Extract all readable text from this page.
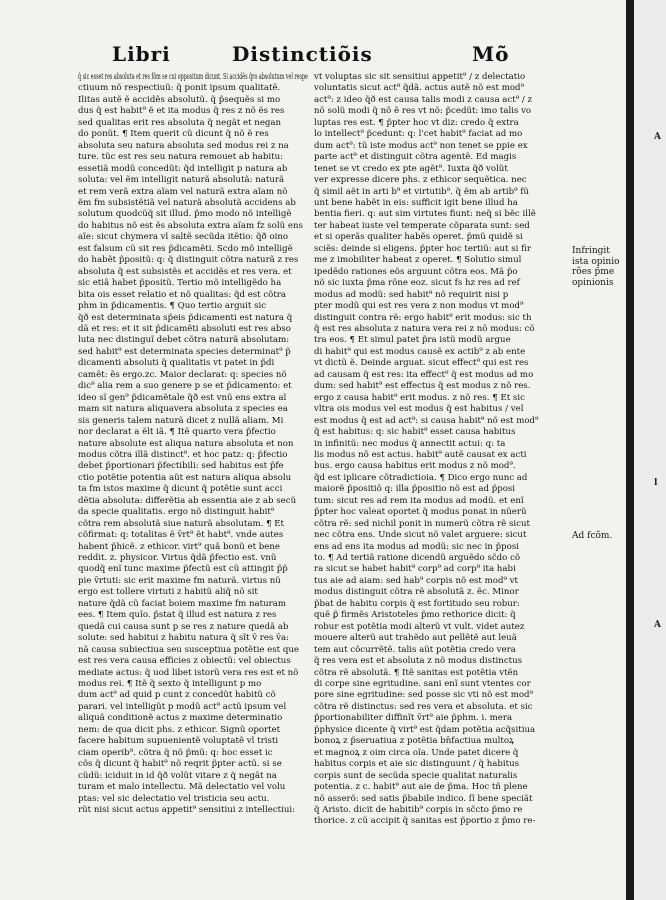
A
l
A
Libri	Distinctiõis	Mõ
q̃ sic esset res absoluta et res fõm se cui oppositum dicunt. Si accidẽs q̃ro absolutum vel respe
ctiuum nõ respectiuũ: q̃ ponit ipsum qualitatẽ.
Ilitas autẽ ẽ accidẽs absolutũ. q̃ p̃sequẽs si mo
dus q̃ est habit⁹ ẽ et ita modus q̃ res z nõ ẽs res
sed qualitas erit res absoluta q̃ negãt et negan
do ponũt. ¶ Item querit cũ dicunt q̃ nõ ẽ res
absoluta seu natura absoluta sed modus rei z na
ture. tũc est res seu natura remouet ab habitu:
essetiã modũ concedũt: q̃d intelligit p natura ab
soluta: vel ẽm intelligit naturã absolutã: naturã
et rem verã extra aĩam vel naturã extra aĩam nõ
ẽm fm subsistẽtiã vel naturã absolutã accidens ab
solutum quodcũq̃ sit illud. p̃mo modo nõ intelligẽ
do habitus nõ est ẽs absoluta extra aĩam fz solũ ens
aĩe: sicut chymera vl saltẽ secũda itẽtio: q̃ð oino
est falsum cũ sit res p̃dicamẽti. Scd̃o mõ intelligẽ
do habẽt p̃positũ: q: q̃ distinguit cõtra naturã z res
absoluta q̃ est subsistẽs et accidẽs et res vera. et
sic etiã habet p̃positũ. Tertio mõ intelligẽdo ha
bita ois esset relatio et nõ qualitas: q̃d est cõtra
ph̃m in p̃dicamentis. ¶ Quo tertio arguit sic
q̃ð est determinata sp̃eis p̃dicamenti est natura q̃
dã et res: et it sit p̃dicamẽti absoluti est res abso
luta nec distinguĩ debet cõtra naturã absolutam:
sed habit⁹ est determinata species determinat⁹ p̃
dicamenti absoluti q̃ qualitatis vt patet in p̃di
camẽt: ẽs ergo.zc. Maior declarat: q: species nõ
dic⁹ alia rem a suo genere p se et p̃dicamento: et
ideo sĩ gen⁹ p̃dicamẽtale q̃ð est vnũ ens extra aĩ
mam sit natura aliquavera absoluta z species ea
sis generis talem naturã dicet z nullã aliam. Mi
nor declarat a ẽlt iã. ¶ Itẽ quarto vera p̃fectio
nature absolute est aliqua natura absoluta et non
modus cõtra illã distinct⁹. et hoc patz: q: p̃fectio
debet p̃portionari p̃fectibili: sed habitus est p̃fe
ctio potẽtie potentia aũt est natura aliqua absolu
ta fm istos maxime q̃ dicunt q̃ potẽtie sunt acci
dẽtia absoluta: differẽtia ab essentia aie z ab secũ
da specie qualitatis. ergo nõ distinguit habit⁹
cõtra rem absolutã siue naturã absolutam. ¶ Et
cõfirmat: q: totalitas ẽ v̄rt⁹ ẽt hab̃t⁹. vnde autes
habent p̃hicẽ. z ethicor. virt⁹ quã bonũ et bene
reddit. z. physicor. Virtus q̃dã p̃fectio est. vnũ
quodq̃ enĩ tunc maxime p̃fectũ est cũ attingit p̃p̃
pie v̄rtuti: sic erit maxime fm naturã. virtus nũ
ergo est tollere virtuti z habitũ aliq̃ nõ sit
nature q̃dã cũ faciat boiem maxime fm naturam
ees. ¶ Item quĩo. p̃stat q̃ illud est natura z res
quedã cui causa sunt p se res z nature quedã ab
solute: sed habitui z habitu natura q̃ sĩt v̄ res v̄a:
nã causa subiectiua seu susceptiua potẽtie est que
est res vera causa efficies z obiectũ: vel obiectus
mediate actus: q̃ uod libet istorũ vera res est et nõ
modus rei. ¶ Itẽ q̃ sexto q̃ intelligunt p mo
dum act⁹ ad quid p cunt z concedũt habitũ cõ
parari. vel intelligũt p modũ act⁹ actũ ipsum vel
aliquã conditionẽ actus z maxime determinatio
nem: de qua dicit ph̃s. z ethicor. Signũ oportet
facere habitum supuenientẽ voluptatẽ vl tristi
ciam operib⁹. cõtra q̃ nõ p̃mũ: q: hoc esset ic
cõs q̃ dicunt q̃ habit⁹ nõ reqrit p̃pter actũ. si se
cũdũ: iciduit in id q̃ð volũt vitare z q̃ negãt na
turam et malo intellectu. Mã delectatio vel volu
ptas: vel sic delectatio vel tristicia seu actu.
rũt nisi sicut actus appetit⁹ sensitiui z intellectiui:
vt voluptas sic sit sensitiui appetit⁹ / z delectatio
voluntatis sicut act⁹ q̃dã. actus autẽ nõ est mod⁹
act⁹: z ideo q̃ð est causa talis modi z causa act⁹ / z
nõ solũ modi q̃ nõ ẽ res vt nõ: p̃cedũt: imo talis vo
luptas res est. ¶ p̃pter hoc vt diz: credo q̃ extra
lo intellect⁹ p̃cedunt: q: l'cet habit⁹ faciat ad mo
dum act⁹: tũ iste modus act⁹ non tenet se ppie ex
parte act⁹ et distinguit cõtra agentẽ. Ed magis
tenet se vt credo ex pte agẽt⁹. Iuxta q̃ð volũt
ver expresse dicere ph̃s. z ethicor sequẽtica. nec
q̃ simil aẽt in arti b⁹ et virtutib⁹. q̃ ẽm ab artib⁹ fũ
unt bene habẽt in eis: sufficit igit bene illud ha
bentia fieri. q: aut sim virtutes fiunt: neq̃ si bẽc illẽ
ter habeat iuste vel temperate cõparata sunt: sed
et si operãs qualiter habẽs operet. p̃mũ quidẽ si
sciẽs: deinde si eligens. p̃pter hoc tertiũ: aut si fir
me z imobiliter habeat z operet. ¶ Solutio simul
ipedẽdo rationes eõs arguunt cõtra eos. Mã p̃o
nõ sic iuxta p̃ma rõne eoz. sicut fs hz res ad ref
modus ad modũ: sed habit⁹ nõ requirit nisi p
pter modũ qui est res vera z non modus vt mod⁹
distinguit contra rẽ: ergo habit⁹ erit modus: sic th
q̃ est res absoluta z natura vera rei z nõ modus: cõ
tra eos. ¶ Et simul patet p̃ra istũ modũ argue
di habit⁹ qui est modus causẽ ex actib⁹ z ab ente
vt dictũ ẽ. Deinde arguat. sicut effect⁹ qui est res
ad causam q̃ est res: ita effect⁹ q̃ est modus ad mo
dum: sed habit⁹ est effectus q̃ est modus z nõ res.
ergo z causa habit⁹ erit modus. z nõ res. ¶ Ẽt sic
vltra ois modus vel est modus q̃ est habitus / vel
est modus q̃ est ad act⁹: si causa habit⁹ nõ est mod⁹
q̃ est habitus: q: sic habit⁹ esset causa habitus
in infinitũ: nec modus q̃ annectit actui: q: ta
lis modus nõ est actus. habit⁹ autẽ causat ex acti
bus. ergo causa habitus erit modus z nõ mod⁹.
q̃d est iplicare cõtradictioia. ¶ Dico ergo nunc ad
maiorẽ p̃positiõ q: illa p̃positio nõ est ad p̃posi
tum: sicut res ad rem ita modus ad modũ. et enĩ
p̃pter hoc valeat oportet q̃ modus ponat in nũerũ
cõtra rẽ: sed nichil ponit in numerũ cõtra rẽ sicut
nec cõtra ens. Unde sicut nõ valet arguere: sicut
ens ad ens ita modus ad modũ: sic nec in p̃posi
to. ¶ Ad tertiã ratione dicendũ arguẽdo sc̃do cõ
ra sicut se habet habit⁹ corp⁹ ad corp⁹ ita habi
tus aie ad aiam: sed hab⁹ corpis nõ est mod⁹ vt
modus distinguit cõtra rẽ absolutã z. ẽc. Minor
p̃bat de habitu corpis q̃ est fortitudo seu robur:
quẽ ꝑ̃ firmẽs Aristoteles p̃mo rethorice dicit: q̃
robur est potẽtia modi alterũ vt vult. videt autez
mouere alterũ aut trahẽdo aut pellẽtẽ aut leuã
tem aut cõcurrẽtẽ. talis aũt potẽtia credo vera
q̃ res vera est et absoluta z nõ modus distinctus
cõtra rẽ absolutã. ¶ Itẽ sanitas est potẽtia vtẽn
di corpe sine egritudine. sani enĩ sunt vtentes cor
pore sine egritudine: sed posse sic vti nõ est mod⁹
cõtra rẽ distinctus: sed res vera et absoluta. et sic
p̃portionabiliter diffinĩt v̄rt⁹ aie p̃ph̃m. i. mera
p̃physice dicente q̃ virt⁹ est q̃dam potẽtia acq̃sitiua
bonoꝝ z p̃seruatiua z potẽtia bn̄factiua multoꝝ
et magnoꝝ z oim circa oĩa. Unde patet dicere q̃
habitus corpis et aie sic distinguunt / q̃ habitus
corpis sunt de secũda specie qualitat naturalis
potentia. z c. habit⁹ aut aie de p̃ma. Hoc tñ plene
nõ asserõ: sed satis p̃babile indico. ſĩ bene speciãt
q̃ Aristo. dicit de habitib⁹ corpis in sc̃cto p̃mo re
thorice. z cũ accipit q̃ sanitas est p̃portio z p̃mo re-
Infringit
ista opinio
rões p̃me
opinionis
Ad fcõm.
